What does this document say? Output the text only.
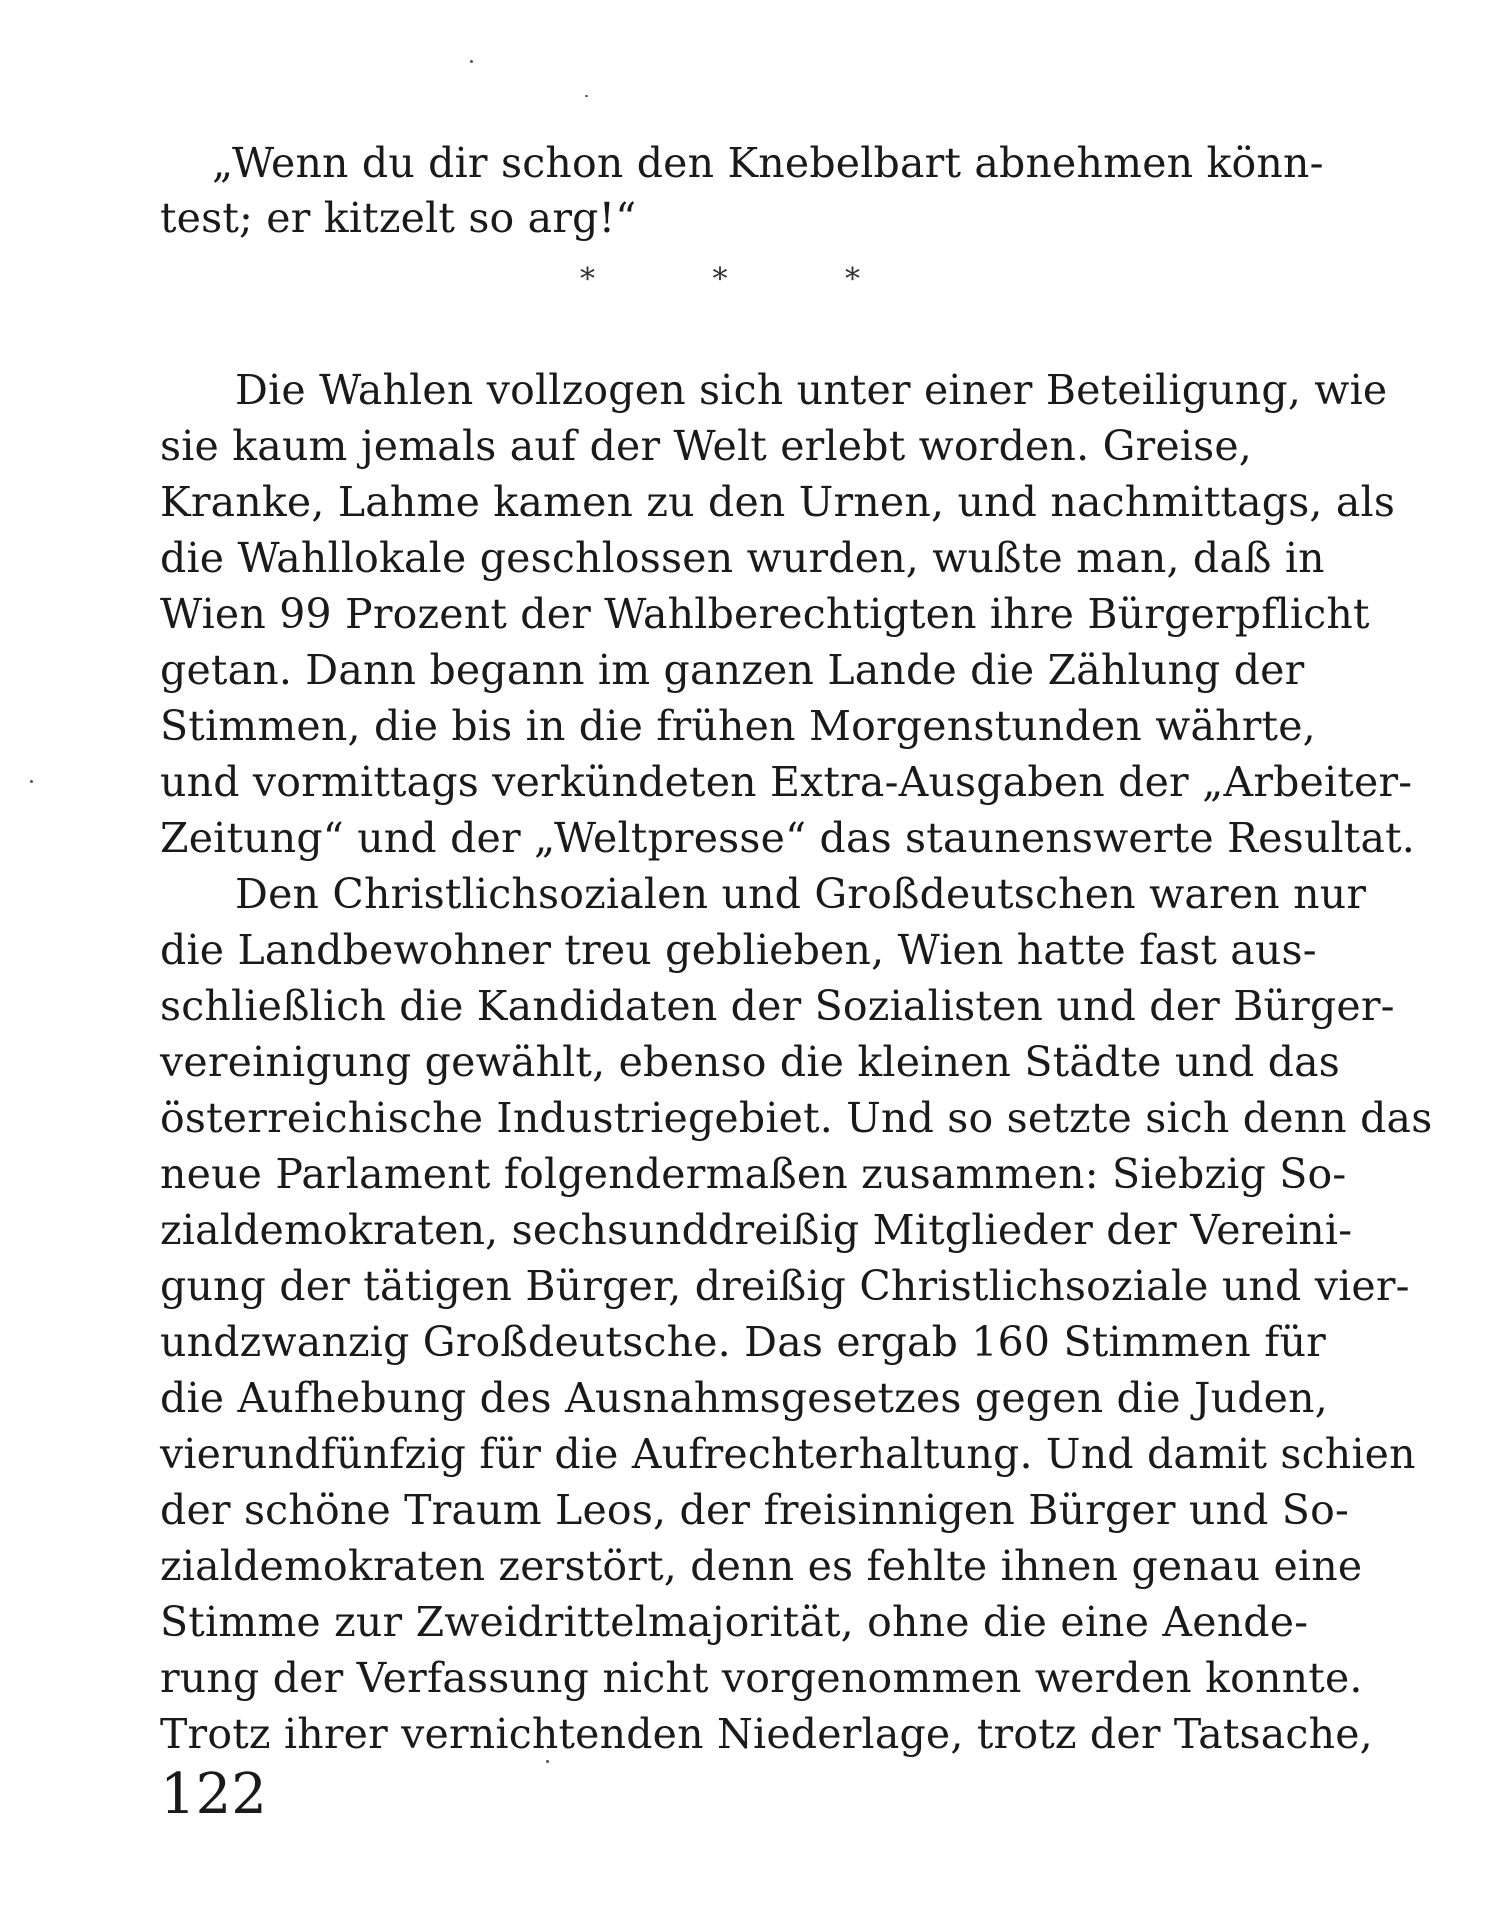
„Wenn du dir schon den Knebelbart abnehmen könn-
test; er kitzelt so arg!“
*	*	*
Die Wahlen vollzogen sich unter einer Beteiligung, wie
sie kaum jemals auf der Welt erlebt worden. Greise,
Kranke, Lahme kamen zu den Urnen, und nachmittags, als
die Wahllokale geschlossen wurden, wußte man, daß in
Wien 99 Prozent der Wahlberechtigten ihre Bürgerpflicht
getan. Dann begann im ganzen Lande die Zählung der
Stimmen, die bis in die frühen Morgenstunden währte,
und vormittags verkündeten Extra-Ausgaben der „Arbeiter-
Zeitung“ und der „Weltpresse“ das staunenswerte Resultat.
Den Christlichsozialen und Großdeutschen waren nur
die Landbewohner treu geblieben, Wien hatte fast aus-
schließlich die Kandidaten der Sozialisten und der Bürger-
vereinigung gewählt, ebenso die kleinen Städte und das
österreichische Industriegebiet. Und so setzte sich denn das
neue Parlament folgendermaßen zusammen: Siebzig So-
zialdemokraten, sechsunddreißig Mitglieder der Vereini-
gung der tätigen Bürger, dreißig Christlichsoziale und vier-
undzwanzig Großdeutsche. Das ergab 160 Stimmen für
die Aufhebung des Ausnahmsgesetzes gegen die Juden,
vierundfünfzig für die Aufrechterhaltung. Und damit schien
der schöne Traum Leos, der freisinnigen Bürger und So-
zialdemokraten zerstört, denn es fehlte ihnen genau eine
Stimme zur Zweidrittelmajorität, ohne die eine Aende-
rung der Verfassung nicht vorgenommen werden konnte.
Trotz ihrer vernichtenden Niederlage, trotz der Tatsache,
122
